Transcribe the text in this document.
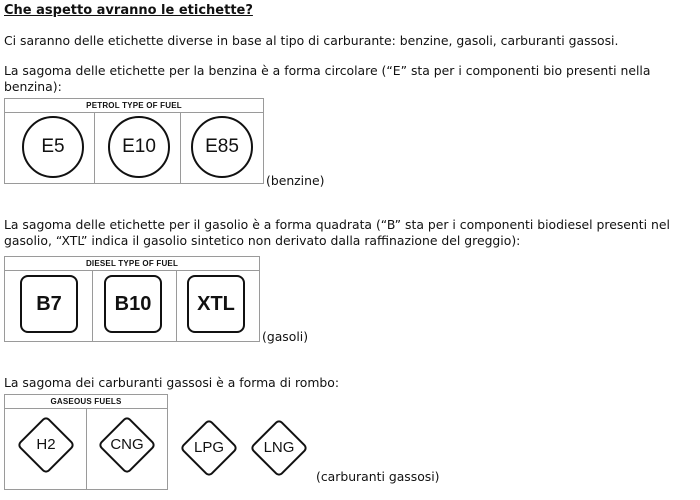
Che aspetto avranno le etichette?
Ci saranno delle etichette diverse in base al tipo di carburante: benzine, gasoli, carburanti gassosi.
La sagoma delle etichette per la benzina è a forma circolare (“E” sta per i componenti bio presenti nella
benzina):
PETROL TYPE OF FUEL
E5	E10	E85
(benzine)
La sagoma delle etichette per il gasolio è a forma quadrata (“B” sta per i componenti biodiesel presenti nel
gasolio, “XTL” indica il gasolio sintetico non derivato dalla raffinazione del greggio):
DIESEL TYPE OF FUEL
B7	B10	XTL
(gasoli)
La sagoma dei carburanti gassosi è a forma di rombo:
GASEOUS FUELS
H2	CNG	LPG	LNG
(carburanti gassosi)
